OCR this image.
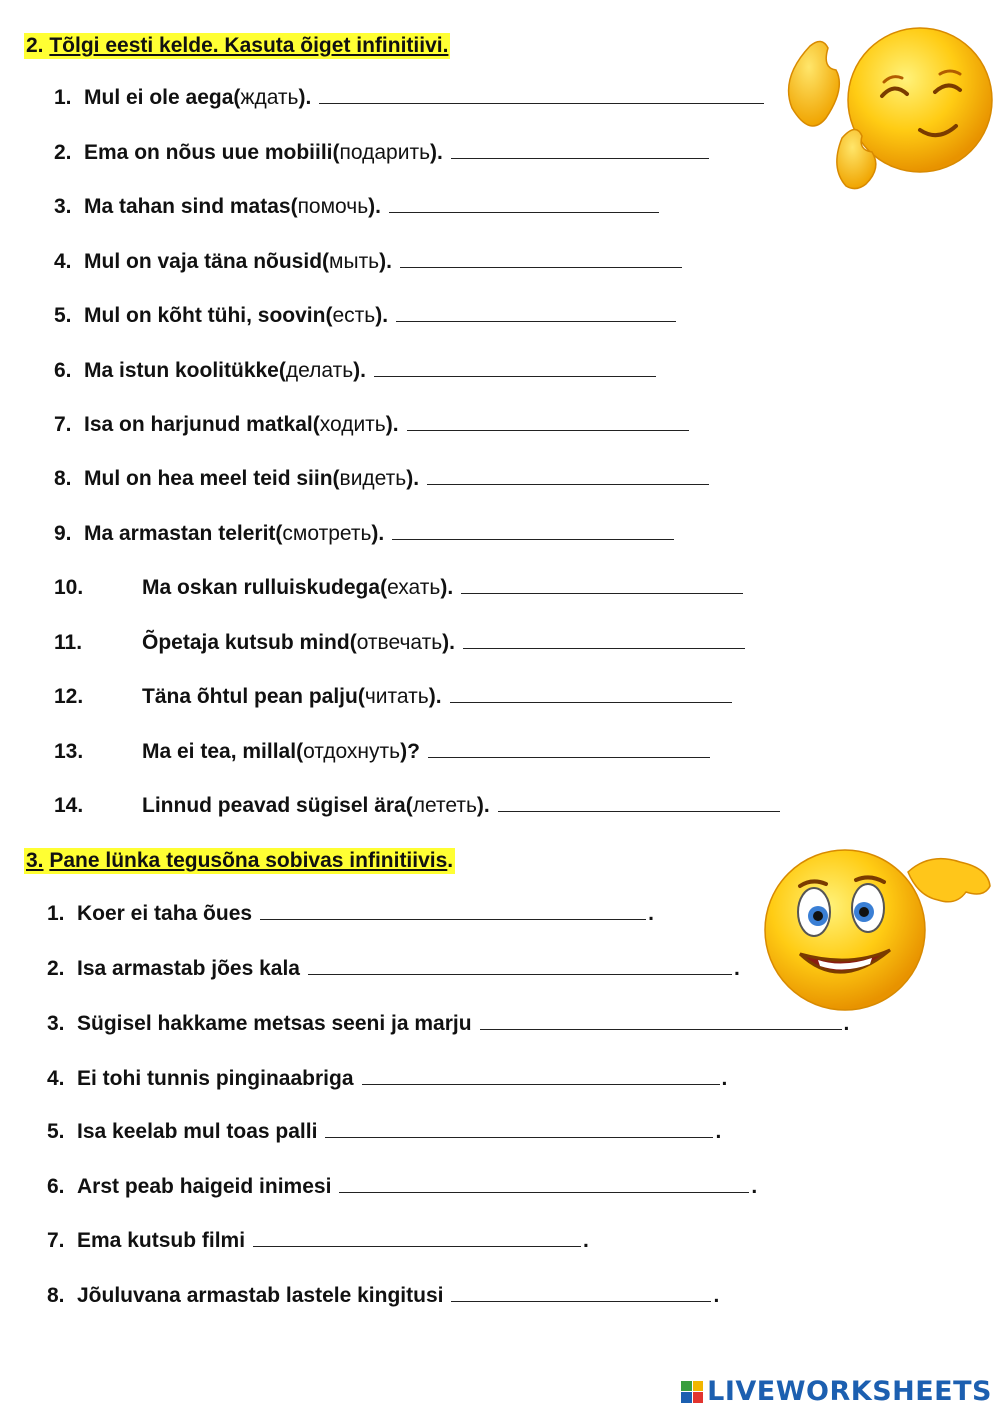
2. Tõlgi eesti kelde. Kasuta õiget infinitiivi.
1. Mul ei ole aega ( ждать ).
2. Ema on nõus uue mobiili ( подарить ).
3. Ma tahan sind matas ( помочь ).
4. Mul on vaja täna nõusid ( мыть ).
5. Mul on kõht tühi, soovin ( есть ).
6. Ma istun koolitükke ( делать ).
7. Isa on harjunud matkal ( ходить ).
8. Mul on hea meel teid siin ( видеть ).
9. Ma armastan telerit ( смотреть ).
10.	Ma oskan rulluiskudega ( ехать ).
11.	Õpetaja kutsub mind ( отвечать ).
12.	Täna õhtul pean palju ( читать ).
13.	Ma ei tea, millal ( отдохнуть )?
14.	Linnud peavad sügisel ära ( лететь ).
3. Pane lünka tegusõna sobivas infinitiivis.
1. Koer ei taha õues	.
2. Isa armastab jões kala	.
3. Sügisel hakkame metsas seeni ja marju	.
4. Ei tohi tunnis pinginaabriga	.
5. Isa keelab mul toas palli	.
6. Arst peab haigeid inimesi	.
7. Ema kutsub filmi	.
8. Jõuluvana armastab lastele kingitusi	.
LIVEWORKSHEETS
